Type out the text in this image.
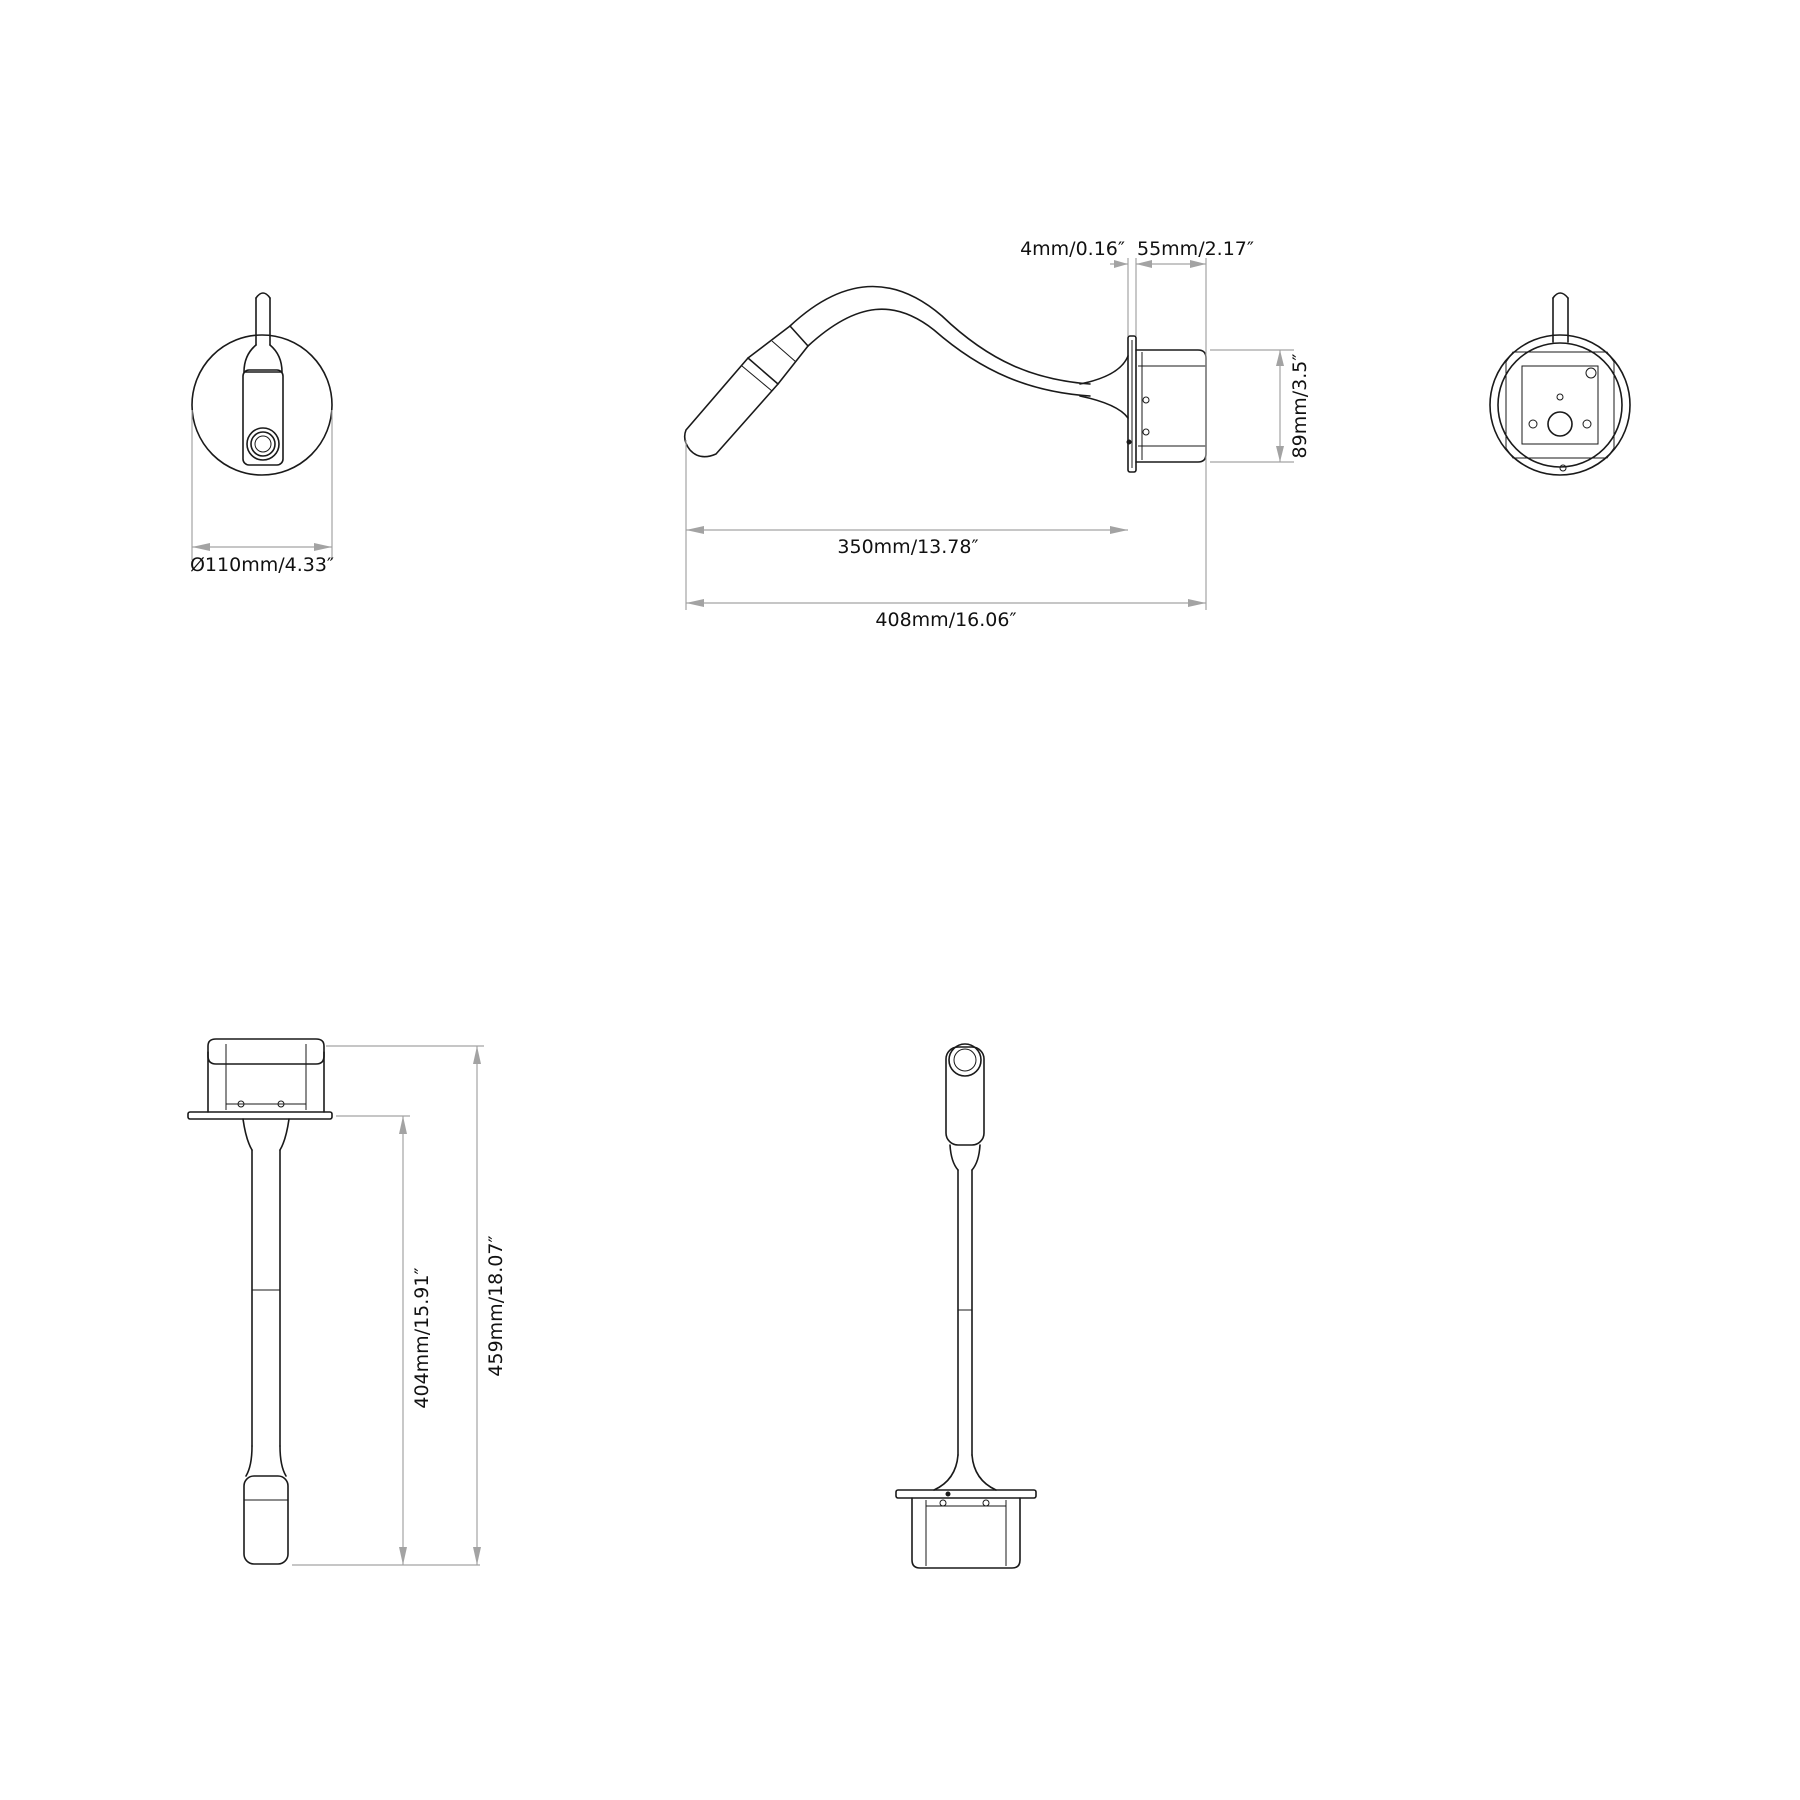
Ø110mm/4.33″
4mm/0.16″ 55mm/2.17″
89mm/3.5″
350mm/13.78″
408mm/16.06″
404mm/15.91″	459mm/18.07″
